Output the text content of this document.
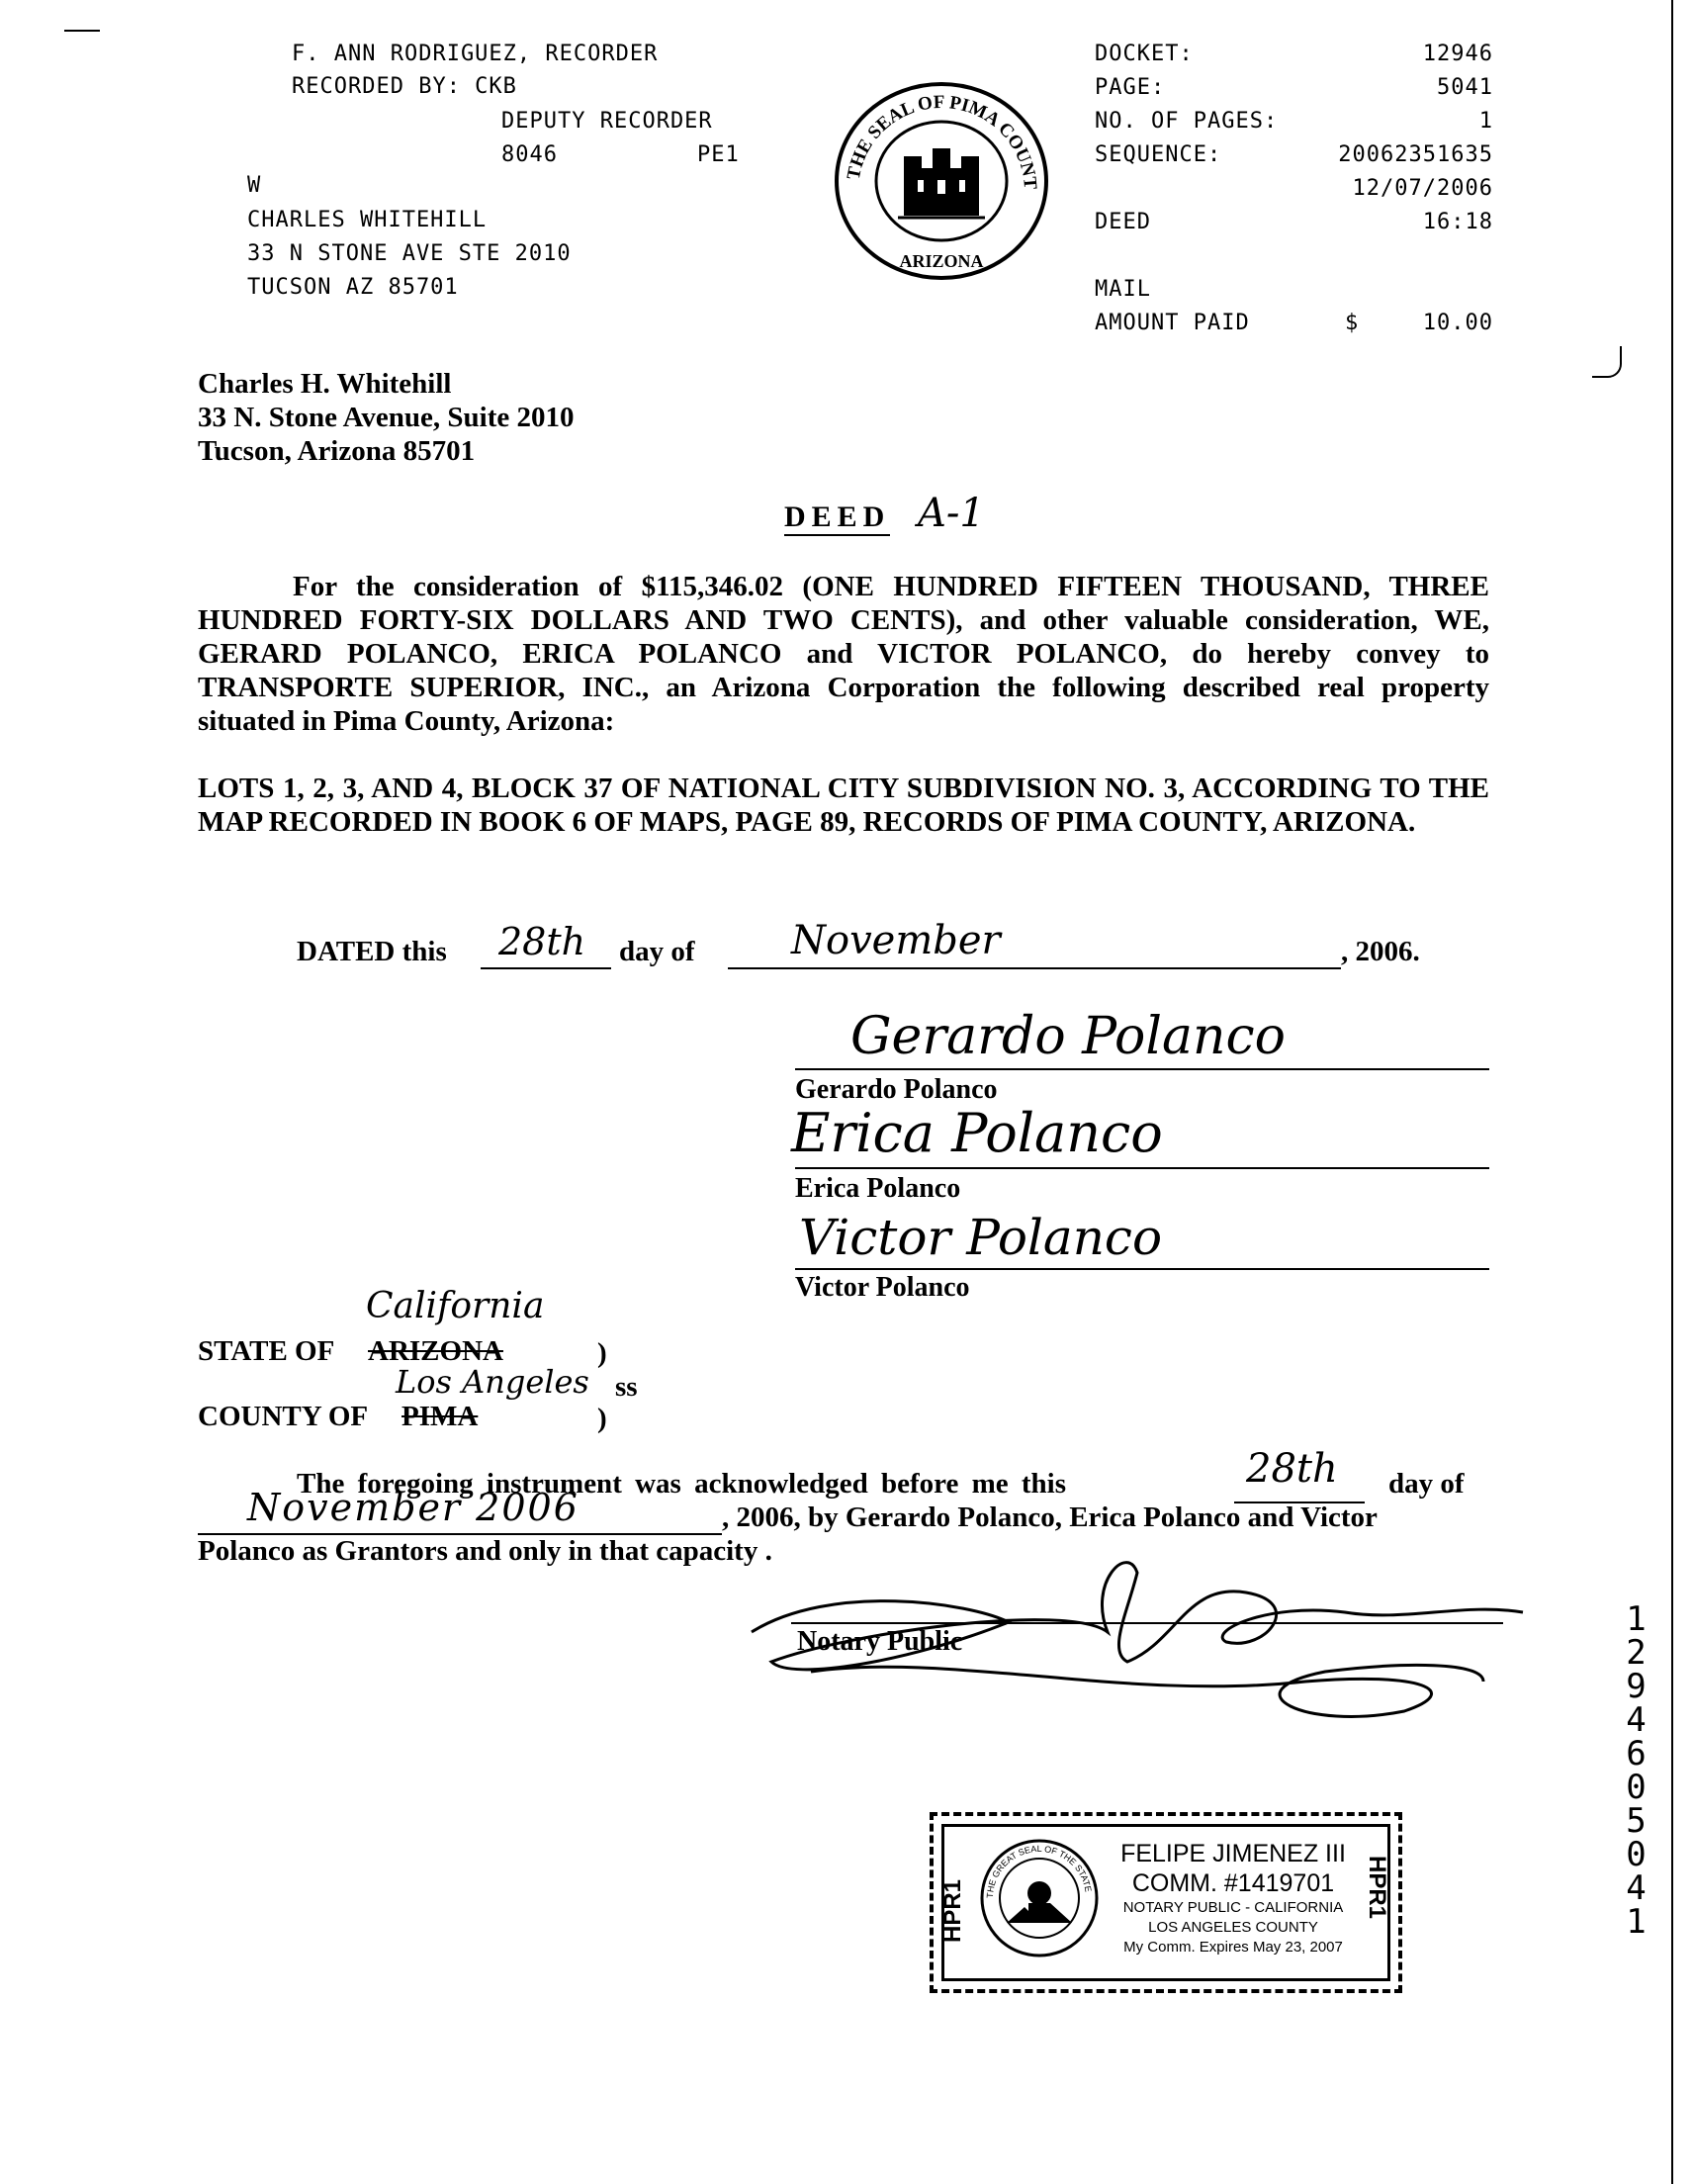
F. ANN RODRIGUEZ, RECORDER
RECORDED BY: CKB
DEPUTY RECORDER
8046	PE1
W
CHARLES WHITEHILL
33 N STONE AVE STE 2010
TUCSON AZ 85701
THE SEAL OF PIMA COUNT
ARIZONA
DOCKET:	12946
PAGE:	5041
NO. OF PAGES:	1
SEQUENCE:	20062351635
12/07/2006
DEED	16:18
MAIL
AMOUNT PAID	$	10.00
Charles H. Whitehill
33 N. Stone Avenue, Suite 2010
Tucson, Arizona 85701
DEED A-1
For the consideration of $115,346.02 (ONE HUNDRED FIFTEEN THOUSAND, THREE HUNDRED FORTY-SIX DOLLARS AND TWO CENTS), and other valuable consideration, WE, GERARD POLANCO, ERICA POLANCO and VICTOR POLANCO, do hereby convey to TRANSPORTE SUPERIOR, INC., an Arizona Corporation the following described real property situated in Pima County, Arizona:
LOTS 1, 2, 3, AND 4, BLOCK 37 OF NATIONAL CITY SUBDIVISION NO. 3, ACCORDING TO THE MAP RECORDED IN BOOK 6 OF MAPS, PAGE 89, RECORDS OF PIMA COUNTY, ARIZONA.
DATED this 28th day of November	, 2006.
Gerardo Polanco
Gerardo Polanco
Erica Polanco
Erica Polanco
Victor Polanco
Victor Polanco
California
STATE OF ARIZONA	)
Los Angeles ss
COUNTY OF PIMA	)
The foregoing instrument was acknowledged before me this	28th day of
November 2006	, 2006, by Gerardo Polanco, Erica Polanco and Victor
Polanco as Grantors and only in that capacity .
Notary Public
12946 05041
HPR1	HPR1
THE GREAT SEAL OF THE STATE
FELIPE JIMENEZ III
COMM. #1419701
NOTARY PUBLIC - CALIFORNIA
LOS ANGELES COUNTY
My Comm. Expires May 23, 2007
